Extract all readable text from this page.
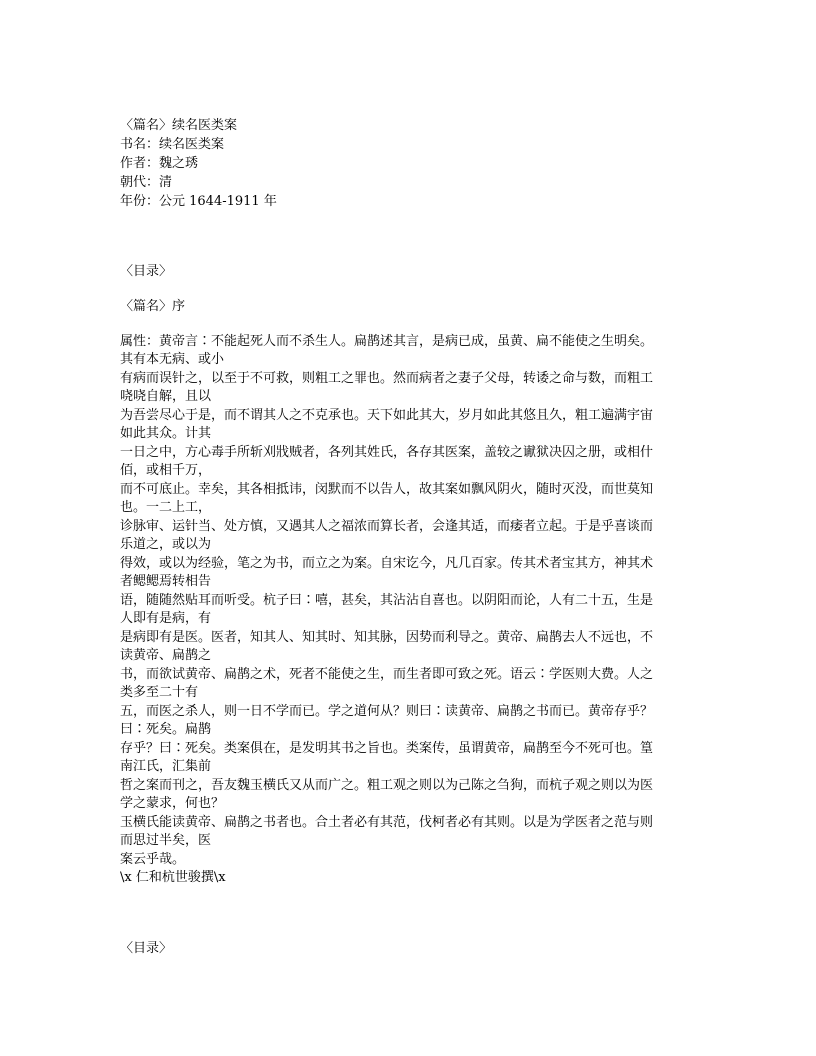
〈篇名〉续名医类案
书名：续名医类案
作者：魏之琇
朝代：清
年份：公元 1644-1911 年
〈目录〉
〈篇名〉序
属性：黄帝言∶不能起死人而不杀生人。扁鹊述其言，是病已成，虽黄、扁不能使之生明矣。
其有本无病、或小
有病而误针之，以至于不可救，则粗工之罪也。然而病者之妻子父母，转诿之命与数，而粗工
哓哓自解，且以
为吾尝尽心于是，而不谓其人之不克承也。天下如此其大，岁月如此其悠且久，粗工遍满宇宙
如此其众。计其
一日之中，方心毒手所斩刈戕贼者，各列其姓氏，各存其医案，盖较之谳狱决囚之册，或相什
佰，或相千万，
而不可底止。幸矣，其各相抵讳，闵默而不以告人，故其案如飘风阴火，随时灭没，而世莫知
也。一二上工，
诊脉审、运针当、处方慎，又遇其人之福浓而算长者，会逢其适，而痿者立起。于是乎喜谈而
乐道之，或以为
得效，或以为经验，笔之为书，而立之为案。自宋讫今，凡几百家。传其术者宝其方，神其术
者鳃鳃焉转相告
语，随随然贴耳而听受。杭子曰∶嘻，甚矣，其沾沾自喜也。以阴阳而论，人有二十五，生是
人即有是病，有
是病即有是医。医者，知其人、知其时、知其脉，因势而利导之。黄帝、扁鹊去人不远也，不
读黄帝、扁鹊之
书，而欲试黄帝、扁鹊之术，死者不能使之生，而生者即可致之死。语云∶学医则大费。人之
类多至二十有
五，而医之杀人，则一日不学而已。学之道何从？则曰∶读黄帝、扁鹊之书而已。黄帝存乎？
曰∶死矣。扁鹊
存乎？曰∶死矣。类案俱在，是发明其书之旨也。类案传，虽谓黄帝，扁鹊至今不死可也。篁
南江氏，汇集前
哲之案而刊之，吾友魏玉横氏又从而广之。粗工观之则以为己陈之刍狗，而杭子观之则以为医
学之蒙求，何也？
玉横氏能读黄帝、扁鹊之书者也。合土者必有其范，伐柯者必有其则。以是为学医者之范与则
而思过半矣，医
案云乎哉。
\x 仁和杭世骏撰\x
〈目录〉
